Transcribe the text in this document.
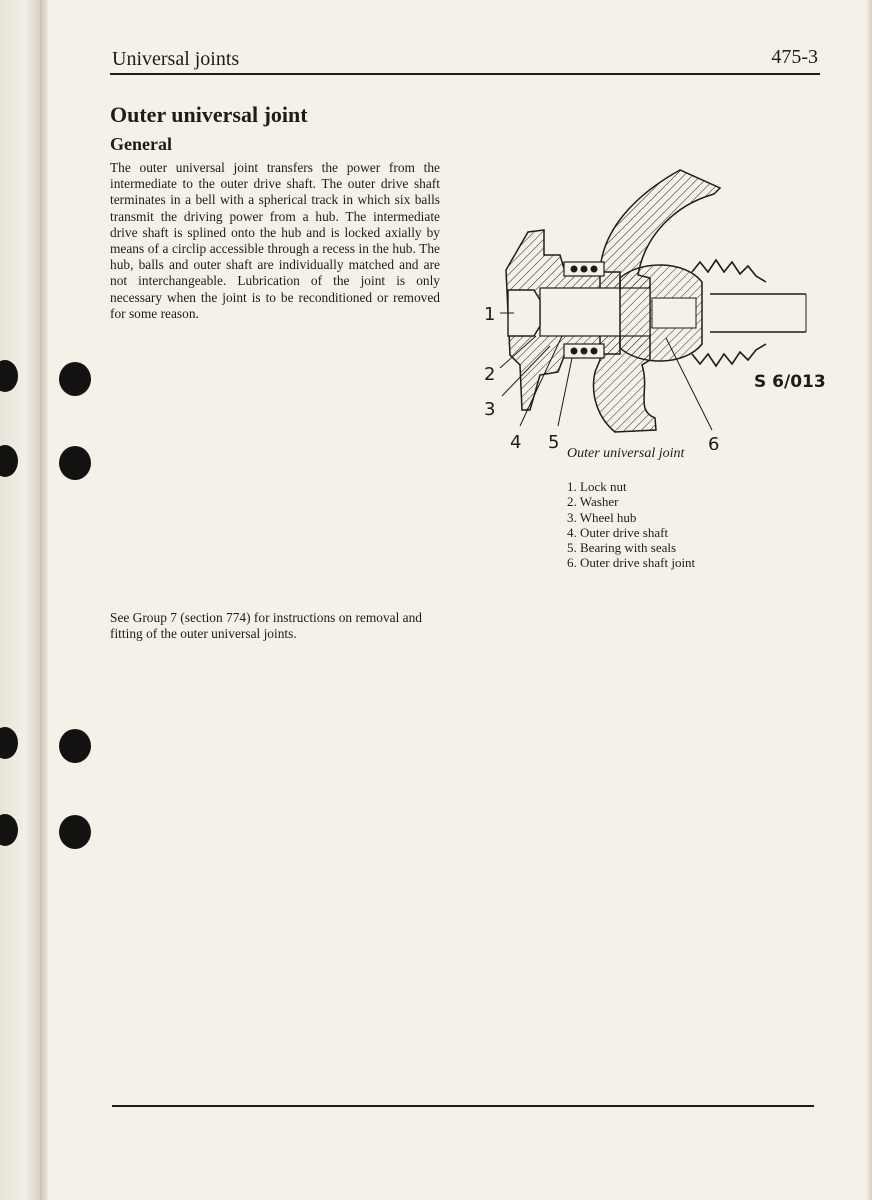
Universal joints	475-3
Outer universal joint
General

The outer universal joint transfers the power from the intermediate to the outer drive shaft. The outer drive shaft terminates in a bell with a spherical track in which six balls transmit the driving power from a hub. The intermediate drive shaft is splined onto the hub and is locked axially by means of a circlip accessible through a recess in the hub. The hub, balls and outer shaft are individually matched and are not interchangeable. Lubrication of the joint is only necessary when the joint is to be reconditioned or removed for some reason.

See Group 7 (section 774) for instructions on removal and fitting of the outer universal joints.

1
2
3
4 5	6
S 6/013
Outer universal joint
1. Lock nut
2. Washer
3. Wheel hub
4. Outer drive shaft
5. Bearing with seals
6. Outer drive shaft joint
